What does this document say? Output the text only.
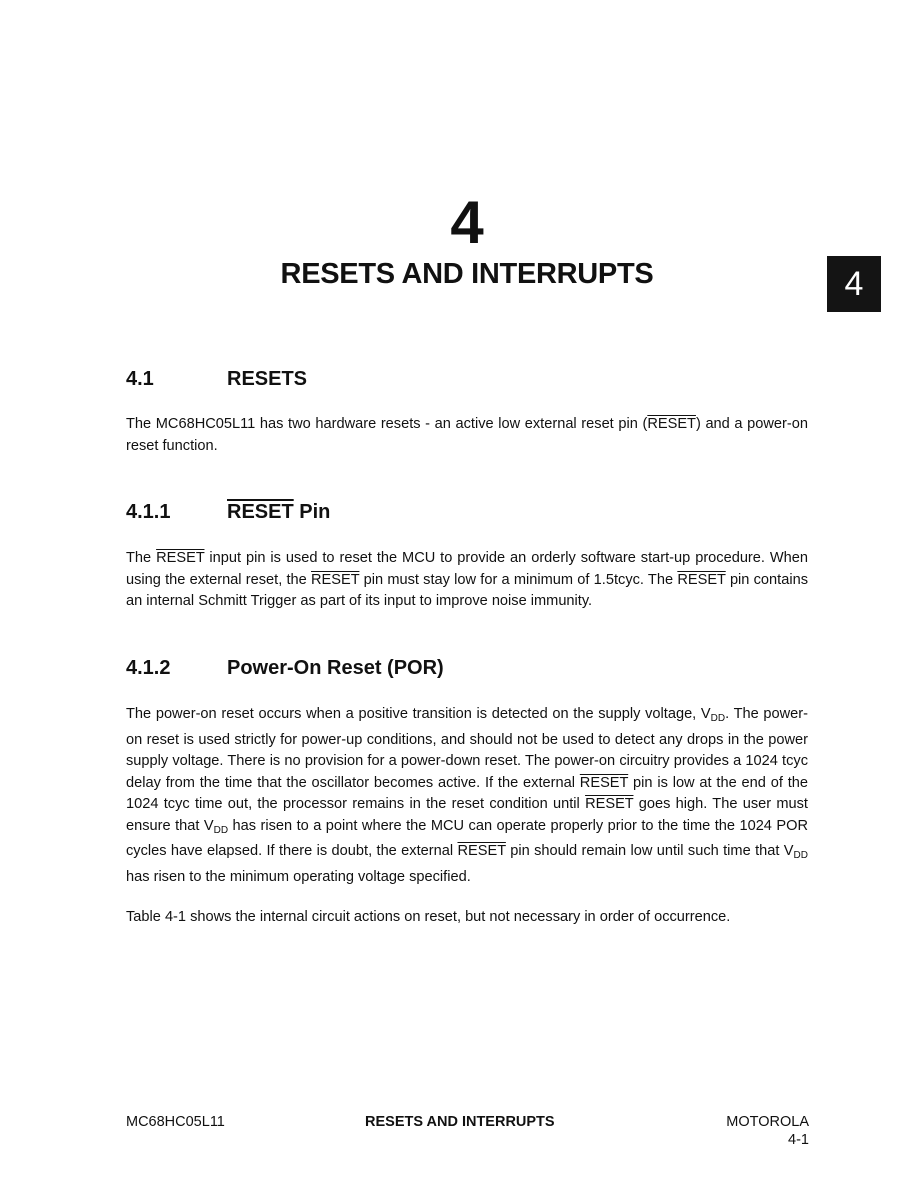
4
RESETS AND INTERRUPTS	4
4.1	RESETS

The MC68HC05L11 has two hardware resets - an active low external reset pin (RESET) and a power-on reset function.

4.1.1	RESET Pin

The RESET input pin is used to reset the MCU to provide an orderly software start-up procedure. When using the external reset, the RESET pin must stay low for a minimum of 1.5tcyc. The RESET pin contains an internal Schmitt Trigger as part of its input to improve noise immunity.

4.1.2	Power-On Reset (POR)

The power-on reset occurs when a positive transition is detected on the supply voltage, $V_{DD}$. The power-on reset is used strictly for power-up conditions, and should not be used to detect any drops in the power supply voltage. There is no provision for a power-down reset. The power-on circuitry provides a 1024 tcyc delay from the time that the oscillator becomes active. If the external RESET pin is low at the end of the 1024 tcyc time out, the processor remains in the reset condition until RESET goes high. The user must ensure that $V_{DD}$ has risen to a point where the MCU can operate properly prior to the time the 1024 POR cycles have elapsed. If there is doubt, the external RESET pin should remain low until such time that $V_{DD}$ has risen to the minimum operating voltage specified.

Table 4-1 shows the internal circuit actions on reset, but not necessary in order of occurrence.

MC68HC05L11	RESETS AND INTERRUPTS	MOTOROLA
4-1
